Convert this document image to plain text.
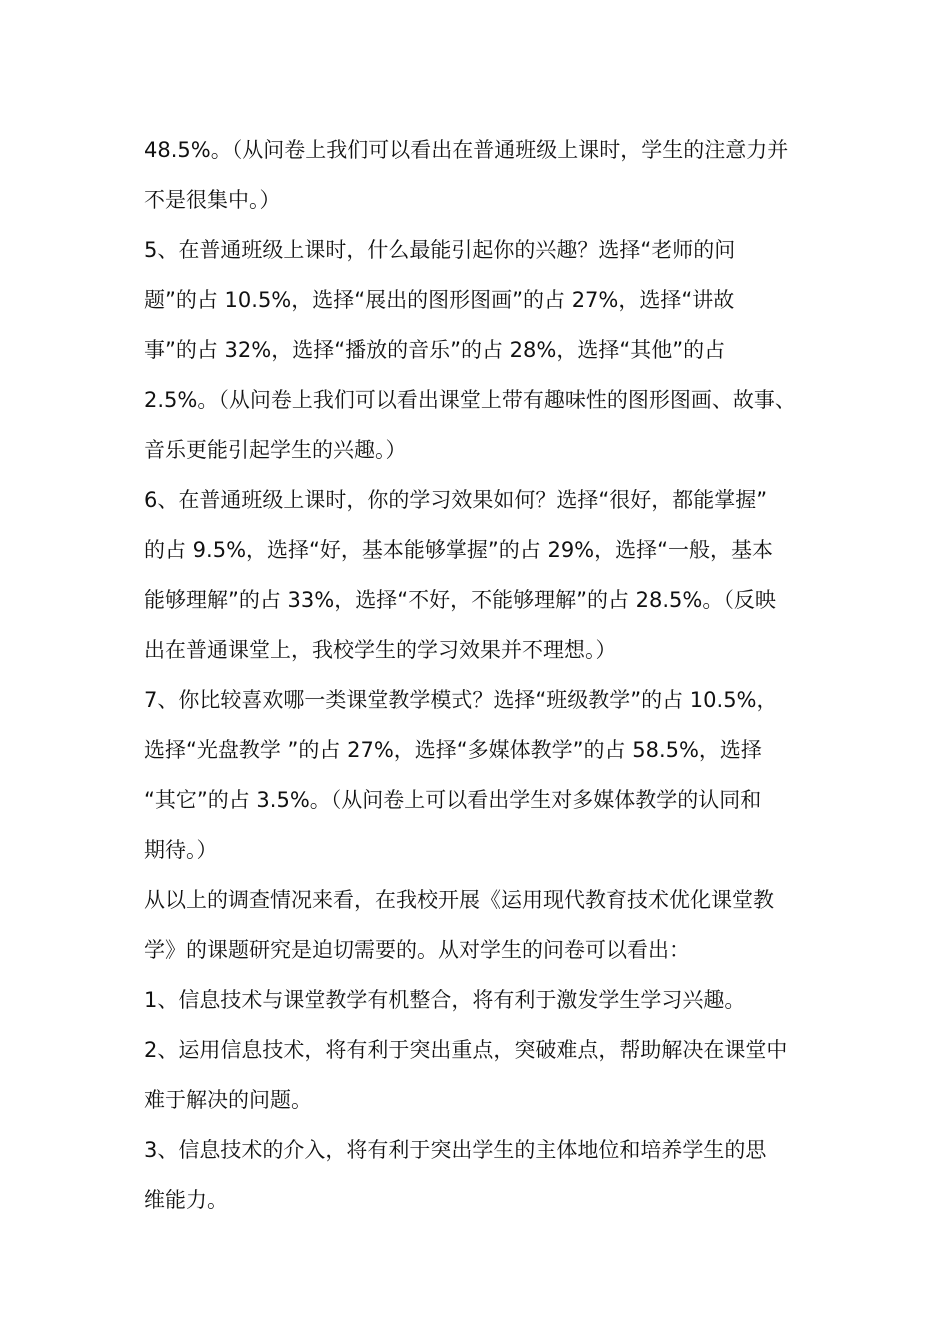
48.5%。（从问卷上我们可以看出在普通班级上课时，学生的注意力并
不是很集中。）
5、在普通班级上课时，什么最能引起你的兴趣？选择“老师的问
题”的占 10.5%，选择“展出的图形图画”的占 27%，选择“讲故
事”的占 32%，选择“播放的音乐”的占 28%，选择“其他”的占
2.5%。（从问卷上我们可以看出课堂上带有趣味性的图形图画、故事、
音乐更能引起学生的兴趣。）
6、在普通班级上课时，你的学习效果如何？选择“很好，都能掌握”
的占 9.5%，选择“好，基本能够掌握”的占 29%，选择“一般，基本
能够理解”的占 33%，选择“不好，不能够理解”的占 28.5%。（反映
出在普通课堂上，我校学生的学习效果并不理想。）
7、你比较喜欢哪一类课堂教学模式？选择“班级教学”的占 10.5%，
选择“光盘教学 ”的占 27%，选择“多媒体教学”的占 58.5%，选择
“其它”的占 3.5%。（从问卷上可以看出学生对多媒体教学的认同和
期待。）
从以上的调查情况来看，在我校开展《运用现代教育技术优化课堂教
学》的课题研究是迫切需要的。从对学生的问卷可以看出：
1、信息技术与课堂教学有机整合，将有利于激发学生学习兴趣。
2、运用信息技术，将有利于突出重点，突破难点，帮助解决在课堂中
难于解决的问题。
3、信息技术的介入，将有利于突出学生的主体地位和培养学生的思
维能力。
